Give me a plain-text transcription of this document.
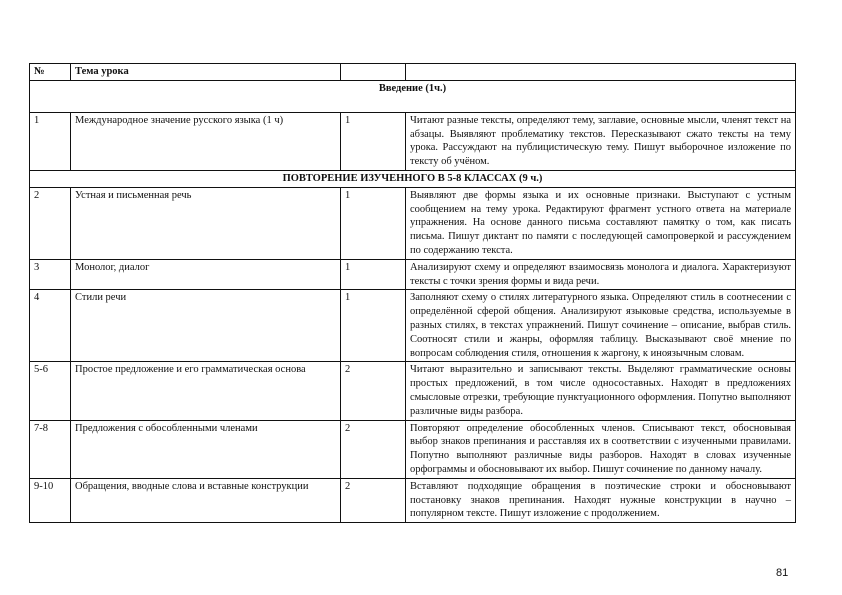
№	Тема урока		
Введение (1ч.)			
1	Международное значение русского языка (1 ч)	1	Читают разные тексты, определяют тему, заглавие, основные мысли, членят текст на абзацы. Выявляют проблематику текстов. Пересказывают сжато тексты на тему урока. Рассуждают на публицистическую тему. Пишут выборочное изложение по тексту об учёном.
ПОВТОРЕНИЕ ИЗУЧЕННОГО В 5-8 КЛАССАХ (9 ч.)			
2	Устная и письменная речь	1	Выявляют две формы языка и их основные признаки. Выступают с устным сообщением на тему урока. Редактируют фрагмент устного ответа на материале упражнения. На основе данного письма составляют памятку о том, как писать письма. Пишут диктант по памяти с последующей самопроверкой и рассуждением по содержанию текста.
3	Монолог, диалог	1	Анализируют схему и определяют взаимосвязь монолога и диалога. Характеризуют тексты с точки зрения формы и вида речи.
4	Стили речи	1	Заполняют схему о стилях литературного языка. Определяют стиль в соотнесении с определённой сферой общения. Анализируют языковые средства, используемые в разных стилях, в текстах упражнений. Пишут сочинение – описание, выбрав стиль. Соотносят стили и жанры, оформляя таблицу. Высказывают своё мнение по вопросам соблюдения стиля, отношения к жаргону, к иноязычным словам.
5-6	Простое предложение и его грамматическая основа	2	Читают выразительно и записывают тексты. Выделяют грамматические основы простых предложений, в том числе односоставных. Находят в предложениях смысловые отрезки, требующие пунктуационного оформления. Попутно выполняют различные виды разбора.
7-8	Предложения с обособленными членами	2	Повторяют определение обособленных членов. Списывают текст, обосновывая выбор знаков препинания и расставляя их в соответствии с изученными правилами. Попутно выполняют различные виды разборов. Находят в словах изученные орфограммы и обосновывают их выбор. Пишут сочинение по данному началу.
9-10	Обращения, вводные слова и вставные конструкции	2	Вставляют подходящие обращения в поэтические строки и обосновывают постановку знаков препинания. Находят нужные конструкции в научно – популярном тексте. Пишут изложение с продолжением.
81
